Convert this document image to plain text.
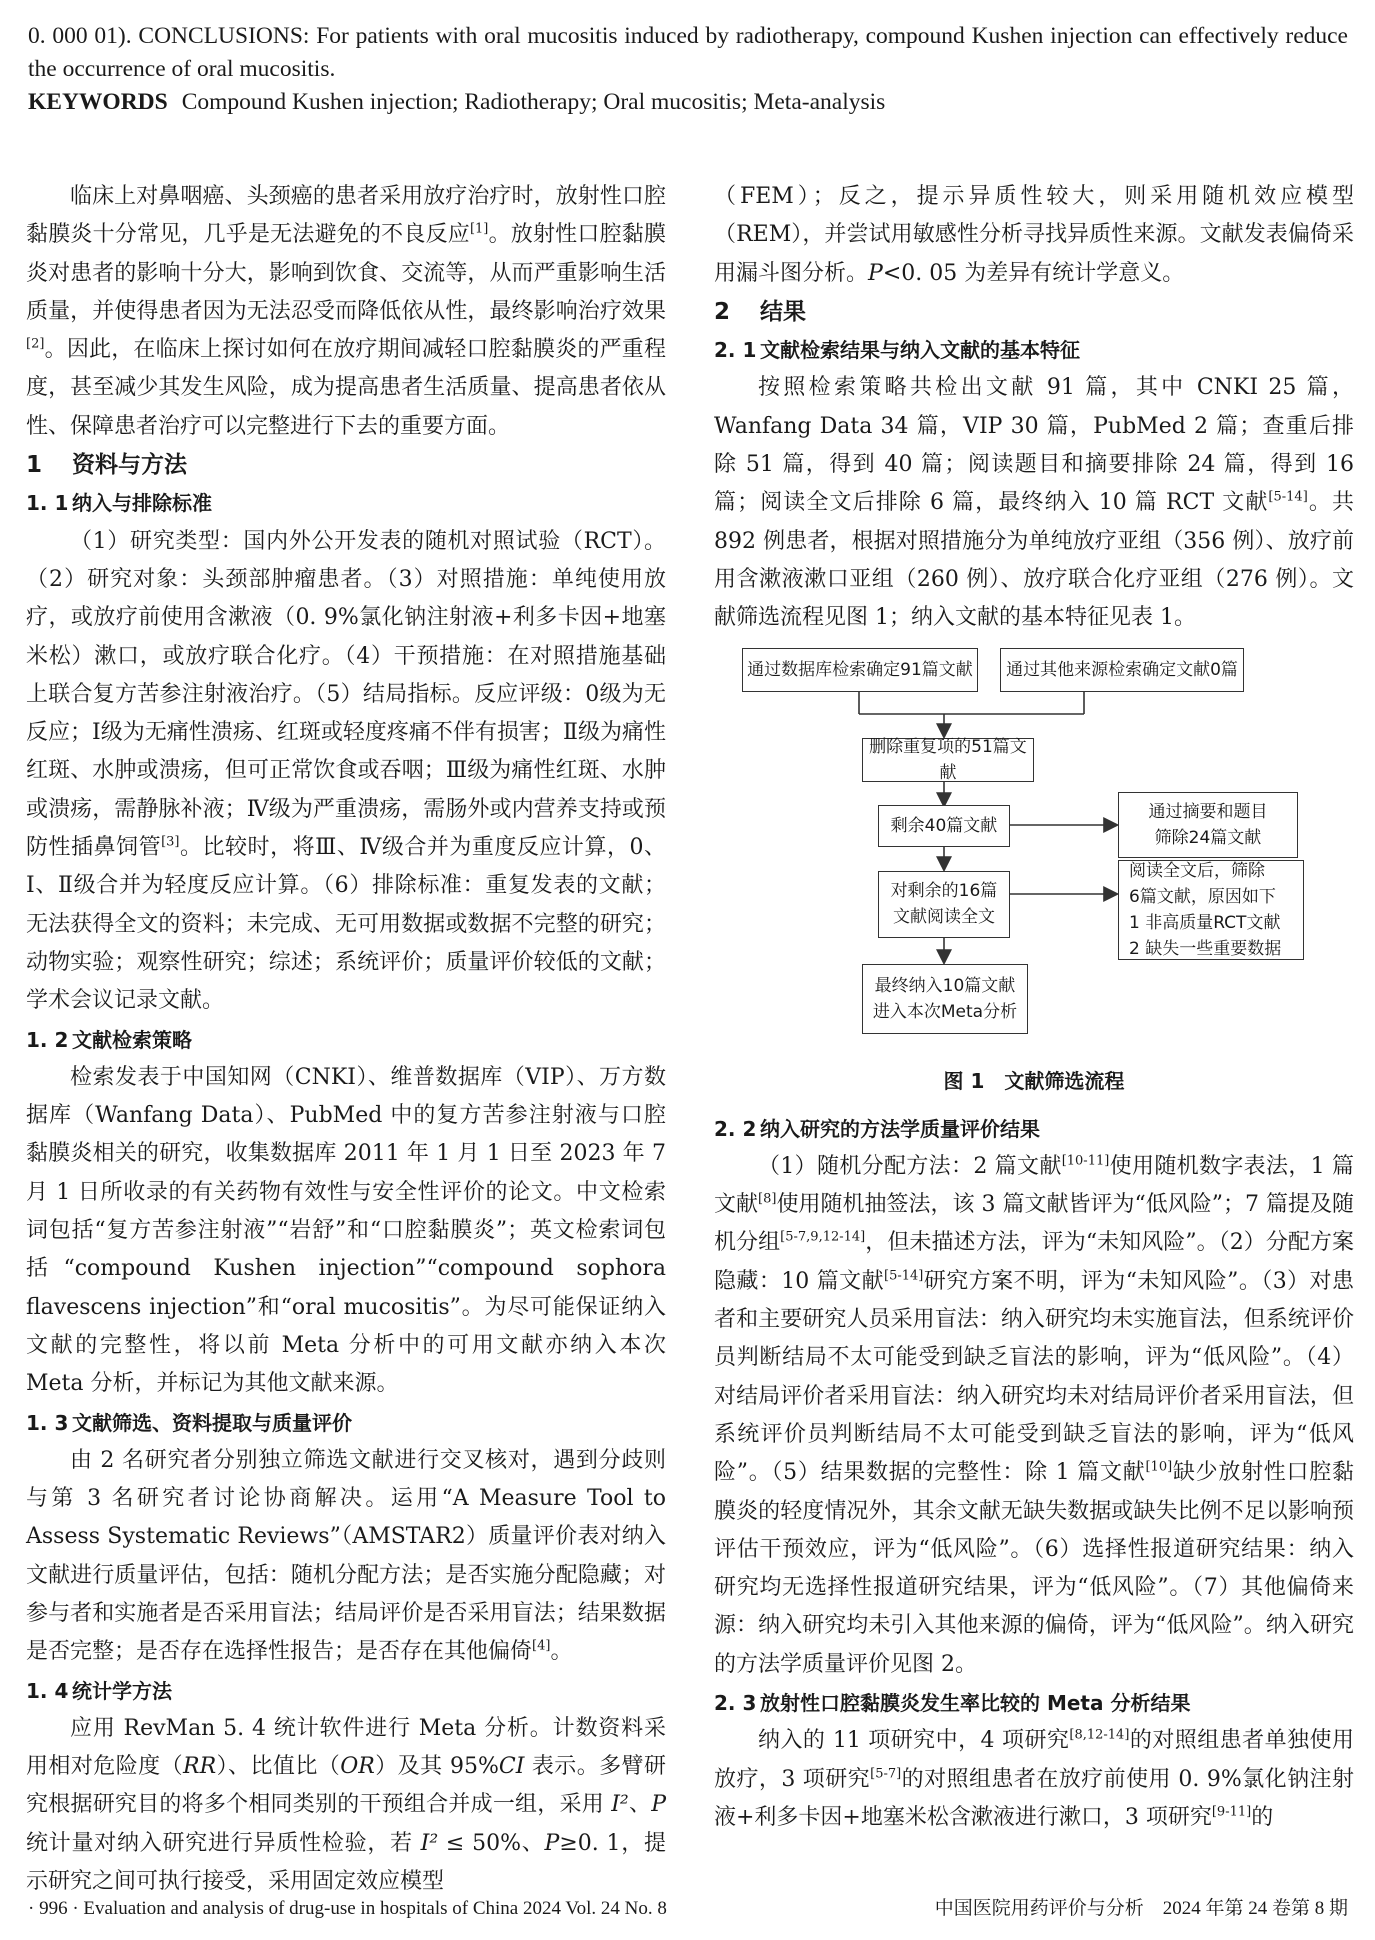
0. 000 01). CONCLUSIONS: For patients with oral mucositis induced by radiotherapy, compound Kushen injection can effectively reduce the occurrence of oral mucositis.

KEYWORDS Compound Kushen injection; Radiotherapy; Oral mucositis; Meta-analysis

临床上对鼻咽癌、头颈癌的患者采用放疗治疗时，放射性口腔黏膜炎十分常见，几乎是无法避免的不良反应[1]。放射性口腔黏膜炎对患者的影响十分大，影响到饮食、交流等，从而严重影响生活质量，并使得患者因为无法忍受而降低依从性，最终影响治疗效果[2]。因此，在临床上探讨如何在放疗期间减轻口腔黏膜炎的严重程度，甚至减少其发生风险，成为提高患者生活质量、提高患者依从性、保障患者治疗可以完整进行下去的重要方面。

1 资料与方法
1. 1 纳入与排除标准

（1）研究类型：国内外公开发表的随机对照试验（RCT）。（2）研究对象：头颈部肿瘤患者。（3）对照措施：单纯使用放疗，或放疗前使用含漱液（0. 9%氯化钠注射液+利多卡因+地塞米松）漱口，或放疗联合化疗。（4）干预措施：在对照措施基础上联合复方苦参注射液治疗。（5）结局指标。反应评级：0级为无反应；Ⅰ级为无痛性溃疡、红斑或轻度疼痛不伴有损害；Ⅱ级为痛性红斑、水肿或溃疡，但可正常饮食或吞咽；Ⅲ级为痛性红斑、水肿或溃疡，需静脉补液；Ⅳ级为严重溃疡，需肠外或内营养支持或预防性插鼻饲管[3]。比较时，将Ⅲ、Ⅳ级合并为重度反应计算，0、Ⅰ、Ⅱ级合并为轻度反应计算。（6）排除标准：重复发表的文献；无法获得全文的资料；未完成、无可用数据或数据不完整的研究；动物实验；观察性研究；综述；系统评价；质量评价较低的文献；学术会议记录文献。

1. 2 文献检索策略

检索发表于中国知网（CNKI）、维普数据库（VIP）、万方数据库（Wanfang Data）、PubMed 中的复方苦参注射液与口腔黏膜炎相关的研究，收集数据库 2011 年 1 月 1 日至 2023 年 7 月 1 日所收录的有关药物有效性与安全性评价的论文。中文检索词包括“复方苦参注射液”“岩舒”和“口腔黏膜炎”；英文检索词包括“compound Kushen injection”“compound sophora flavescens injection”和“oral mucositis”。为尽可能保证纳入文献的完整性，将以前 Meta 分析中的可用文献亦纳入本次 Meta 分析，并标记为其他文献来源。

1. 3 文献筛选、资料提取与质量评价

由 2 名研究者分别独立筛选文献进行交叉核对，遇到分歧则与第 3 名研究者讨论协商解决。运用“A Measure Tool to Assess Systematic Reviews”（AMSTAR2）质量评价表对纳入文献进行质量评估，包括：随机分配方法；是否实施分配隐藏；对参与者和实施者是否采用盲法；结局评价是否采用盲法；结果数据是否完整；是否存在选择性报告；是否存在其他偏倚[4]。

1. 4 统计学方法

应用 RevMan 5. 4 统计软件进行 Meta 分析。计数资料采用相对危险度（RR）、比值比（OR）及其 95%CI 表示。多臂研究根据研究目的将多个相同类别的干预组合并成一组，采用 I²、P 统计量对纳入研究进行异质性检验，若 I² ≤ 50%、P≥0. 1，提示研究之间可执行接受，采用固定效应模型

（FEM）；反之，提示异质性较大，则采用随机效应模型（REM），并尝试用敏感性分析寻找异质性来源。文献发表偏倚采用漏斗图分析。P<0. 05 为差异有统计学意义。

2 结果
2. 1 文献检索结果与纳入文献的基本特征

按照检索策略共检出文献 91 篇，其中 CNKI 25 篇，Wanfang Data 34 篇，VIP 30 篇，PubMed 2 篇；查重后排除 51 篇，得到 40 篇；阅读题目和摘要排除 24 篇，得到 16 篇；阅读全文后排除 6 篇，最终纳入 10 篇 RCT 文献[5-14]。共 892 例患者，根据对照措施分为单纯放疗亚组（356 例）、放疗前用含漱液漱口亚组（260 例）、放疗联合化疗亚组（276 例）。文献筛选流程见图 1；纳入文献的基本特征见表 1。

通过数据库检索确定91篇文献	通过其他来源检索确定文献0篇
删除重复项的51篇文献
剩余40篇文献
通过摘要和题目
筛除24篇文献
对剩余的16篇
文献阅读全文
阅读全文后，筛除
6篇文献，原因如下
1 非高质量RCT文献
2 缺失一些重要数据
最终纳入10篇文献
进入本次Meta分析
图 1　文献筛选流程
2. 2 纳入研究的方法学质量评价结果

（1）随机分配方法：2 篇文献[10-11]使用随机数字表法，1 篇文献[8]使用随机抽签法，该 3 篇文献皆评为“低风险”；7 篇提及随机分组[5-7,9,12-14]，但未描述方法，评为“未知风险”。（2）分配方案隐藏：10 篇文献[5-14]研究方案不明，评为“未知风险”。（3）对患者和主要研究人员采用盲法：纳入研究均未实施盲法，但系统评价员判断结局不太可能受到缺乏盲法的影响，评为“低风险”。（4）对结局评价者采用盲法：纳入研究均未对结局评价者采用盲法，但系统评价员判断结局不太可能受到缺乏盲法的影响，评为“低风险”。（5）结果数据的完整性：除 1 篇文献[10]缺少放射性口腔黏膜炎的轻度情况外，其余文献无缺失数据或缺失比例不足以影响预评估干预效应，评为“低风险”。（6）选择性报道研究结果：纳入研究均无选择性报道研究结果，评为“低风险”。（7）其他偏倚来源：纳入研究均未引入其他来源的偏倚，评为“低风险”。纳入研究的方法学质量评价见图 2。

2. 3 放射性口腔黏膜炎发生率比较的 Meta 分析结果

纳入的 11 项研究中，4 项研究[8,12-14]的对照组患者单独使用放疗，3 项研究[5-7]的对照组患者在放疗前使用 0. 9%氯化钠注射液+利多卡因+地塞米松含漱液进行漱口，3 项研究[9-11]的

· 996 · Evaluation and analysis of drug-use in hospitals of China 2024 Vol. 24 No. 8	中国医院用药评价与分析　2024 年第 24 卷第 8 期
